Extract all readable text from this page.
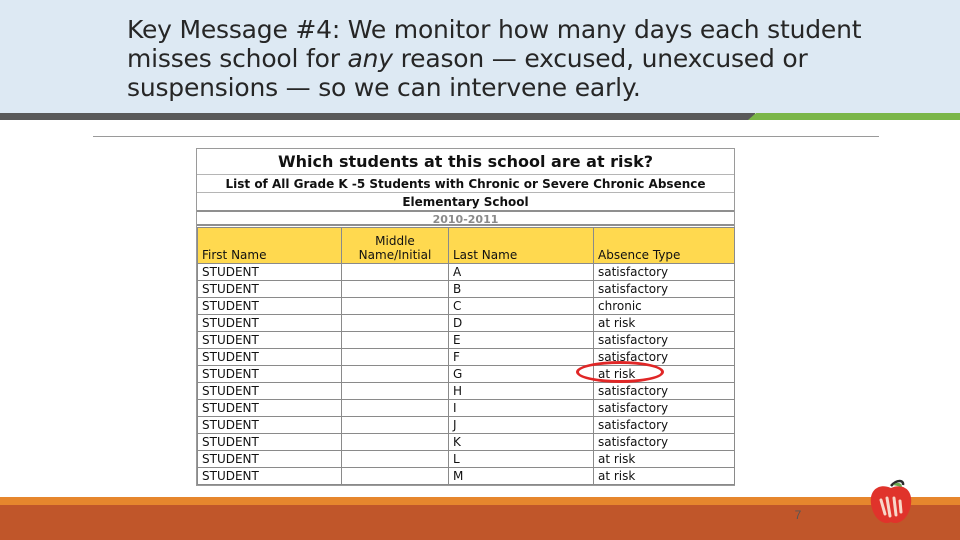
Key Message #4: We monitor how many days each student misses school for any reason — excused, unexcused or suspensions — so we can intervene early.
Which students at this school are at risk?
List of All Grade K -5 Students with Chronic or Severe Chronic Absence
Elementary School
2010-2011
First Name	Middle Name/Initial	Last Name	Absence Type
STUDENT		A	satisfactory
STUDENT		B	satisfactory
STUDENT		C	chronic
STUDENT		D	at risk
STUDENT		E	satisfactory
STUDENT		F	satisfactory
STUDENT		G	at risk
STUDENT		H	satisfactory
STUDENT		I	satisfactory
STUDENT		J	satisfactory
STUDENT		K	satisfactory
STUDENT		L	at risk
STUDENT		M	at risk
7
